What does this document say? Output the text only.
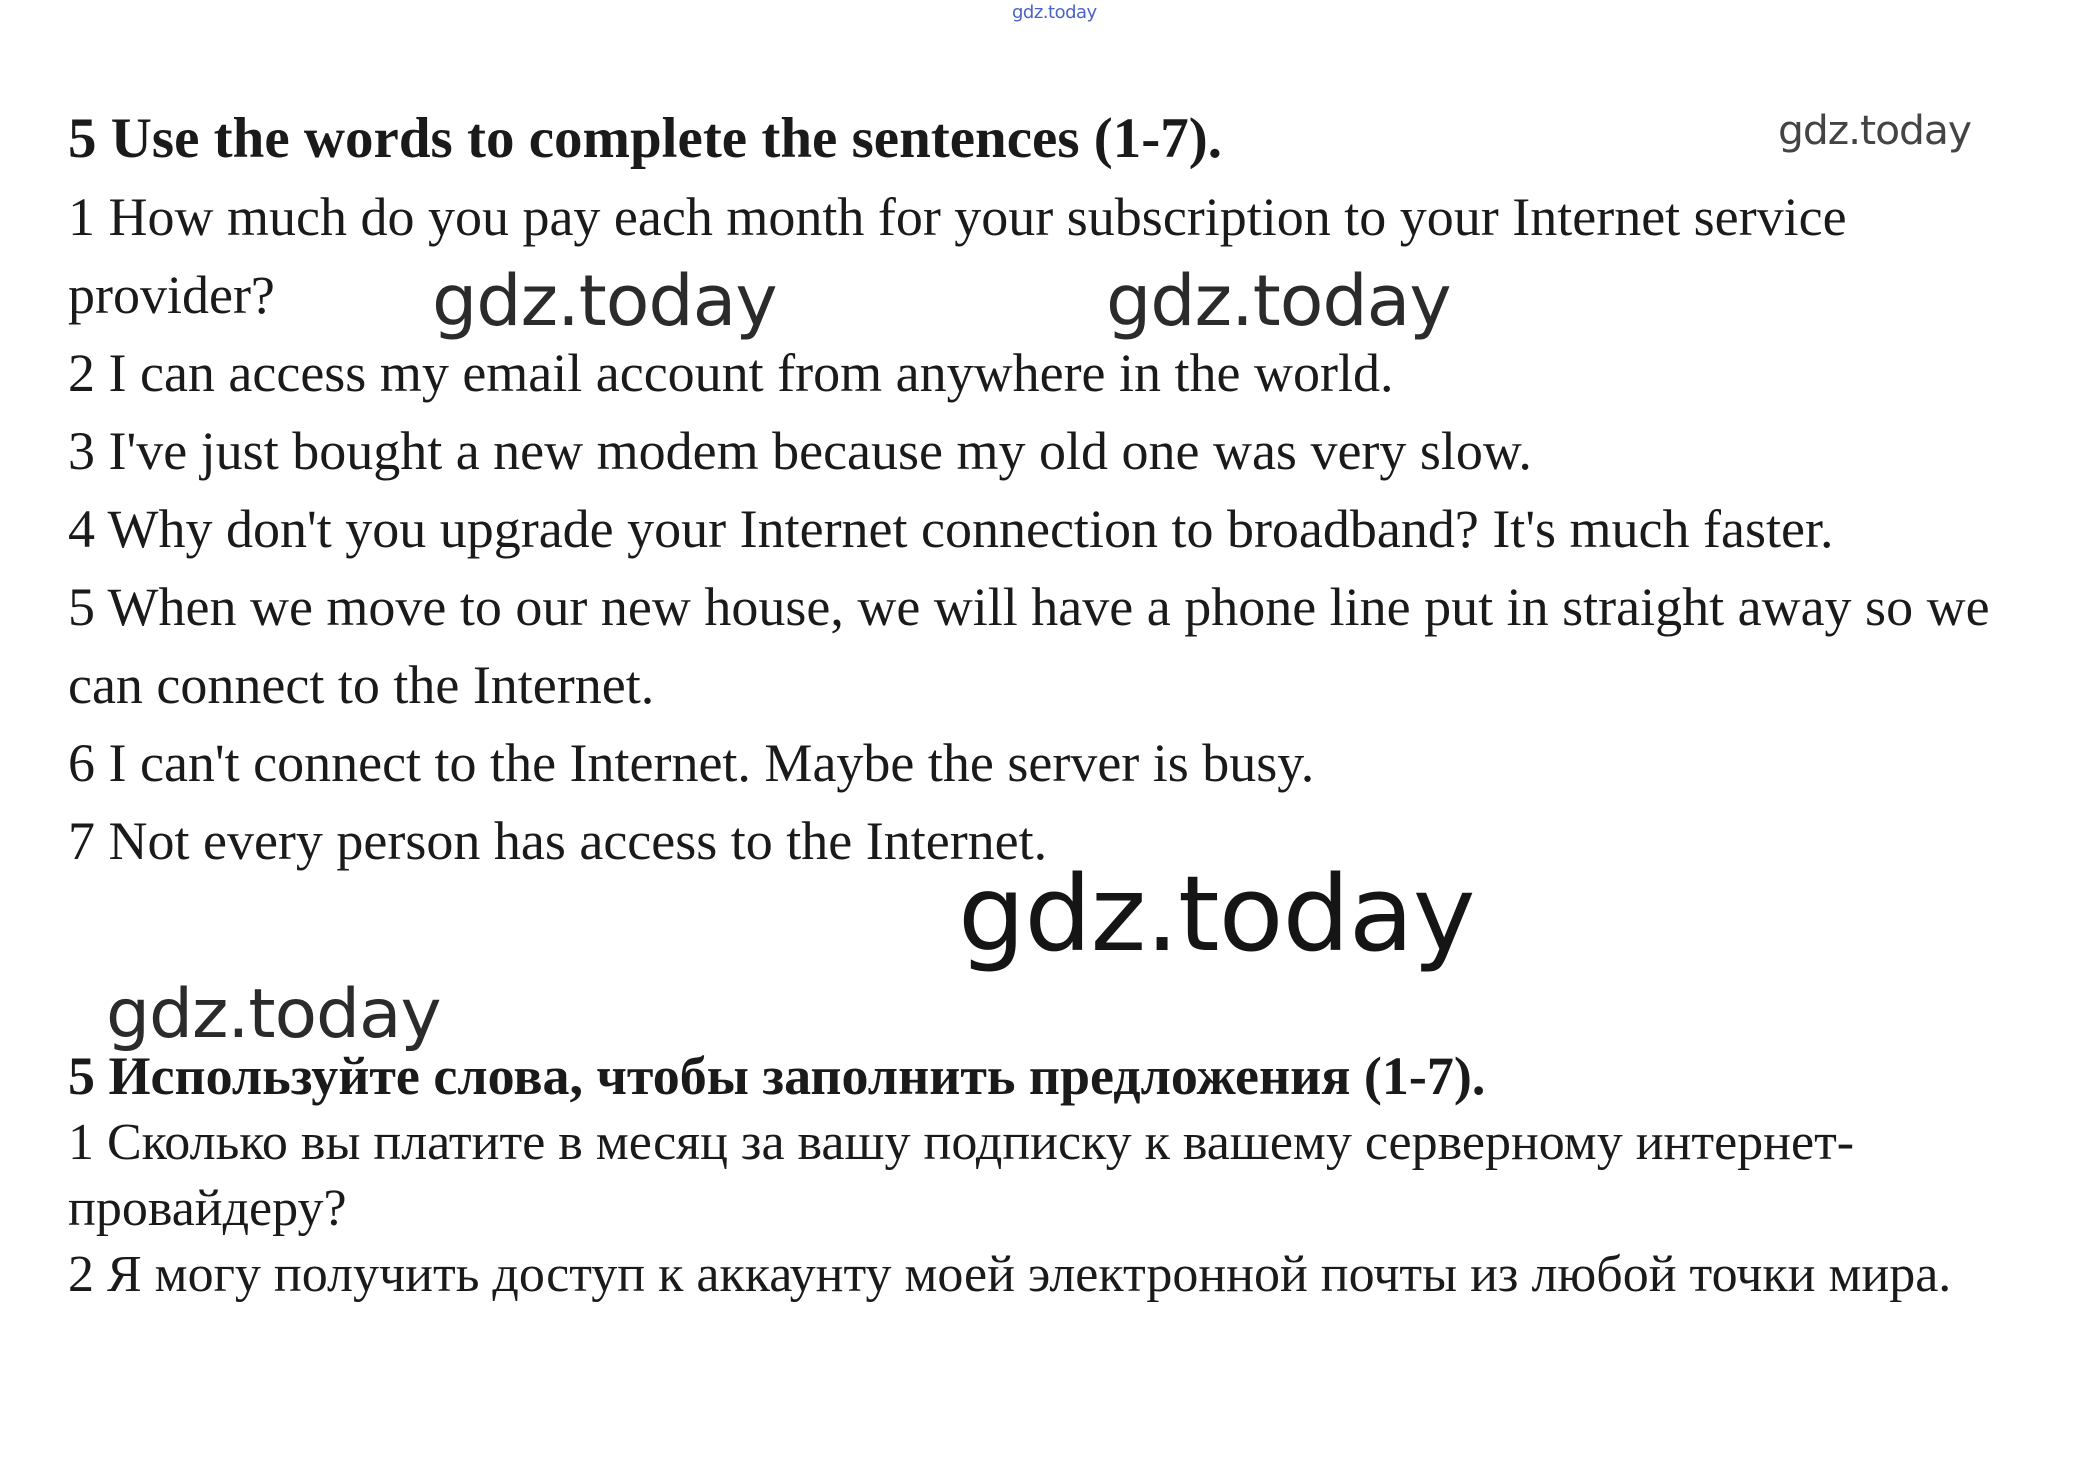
gdz.today

5 Use the words to complete the sentences (1-7).

1 How much do you pay each month for your subscription to your Internet service provider?

2 I can access my email account from anywhere in the world.

3 I've just bought a new modem because my old one was very slow.

4 Why don't you upgrade your Internet connection to broadband? It's much faster.

5 When we move to our new house, we will have a phone line put in straight away so we can connect to the Internet.

6 I can't connect to the Internet. Maybe the server is busy.

7 Not every person has access to the Internet.

5 Используйте слова, чтобы заполнить предложения (1-7).

1 Сколько вы платите в месяц за вашу подписку к вашему серверному интернет-провайдеру?

2 Я могу получить доступ к аккаунту моей электронной почты из любой точки мира.

gdz.today
gdz.today	gdz.today
gdz.today
gdz.today
